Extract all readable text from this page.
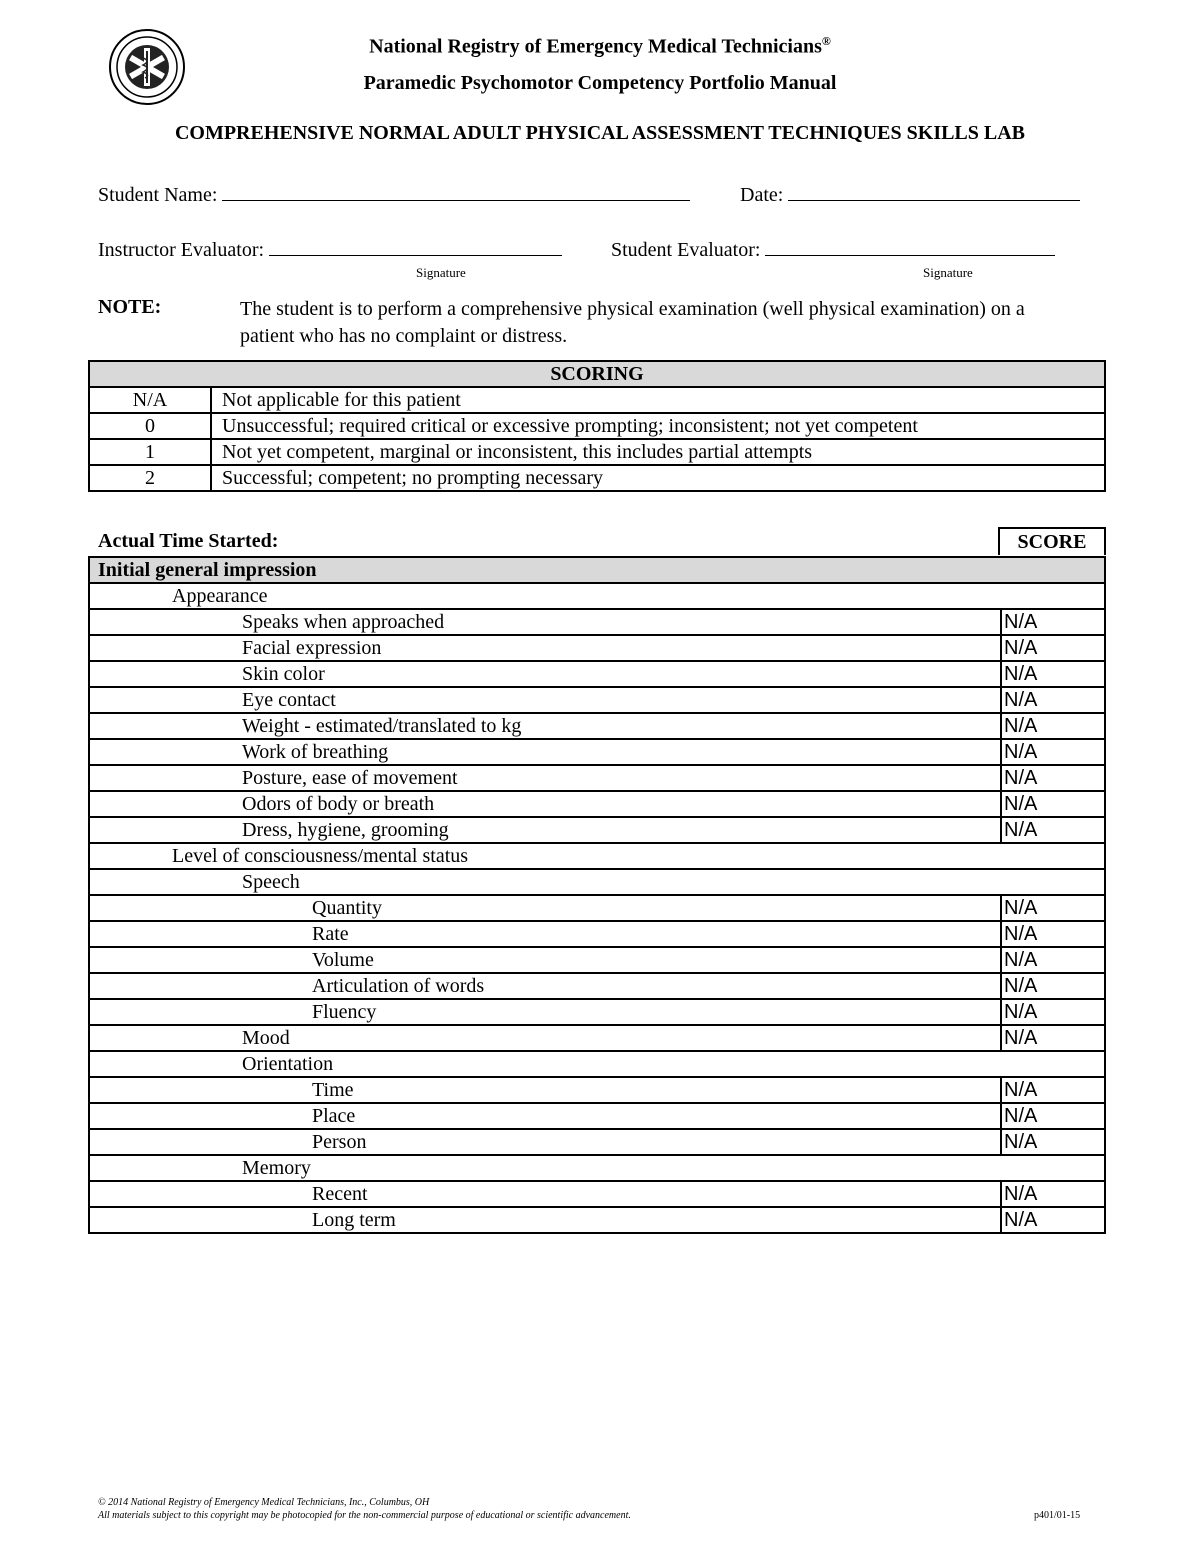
National Registry of Emergency Medical Technicians®
Paramedic Psychomotor Competency Portfolio Manual
COMPREHENSIVE NORMAL ADULT PHYSICAL ASSESSMENT TECHNIQUES SKILLS LAB
Student Name:	Date:
Instructor Evaluator:	Student Evaluator:
Signature	Signature
NOTE:	The student is to perform a comprehensive physical examination (well physical examination) on a patient who has no complaint or distress.
SCORING	
N/A	Not applicable for this patient
0	Unsuccessful; required critical or excessive prompting; inconsistent; not yet competent
1	Not yet competent, marginal or inconsistent, this includes partial attempts
2	Successful; competent; no prompting necessary
Actual Time Started:	SCORE
Initial general impression	
Appearance	
Speaks when approached	N/A
Facial expression	N/A
Skin color	N/A
Eye contact	N/A
Weight - estimated/translated to kg	N/A
Work of breathing	N/A
Posture, ease of movement	N/A
Odors of body or breath	N/A
Dress, hygiene, grooming	N/A
Level of consciousness/mental status	
Speech	
Quantity	N/A
Rate	N/A
Volume	N/A
Articulation of words	N/A
Fluency	N/A
Mood	N/A
Orientation	
Time	N/A
Place	N/A
Person	N/A
Memory	
Recent	N/A
Long term	N/A
© 2014 National Registry of Emergency Medical Technicians, Inc., Columbus, OH
All materials subject to this copyright may be photocopied for the non-commercial purpose of educational or scientific advancement.	p401/01-15
